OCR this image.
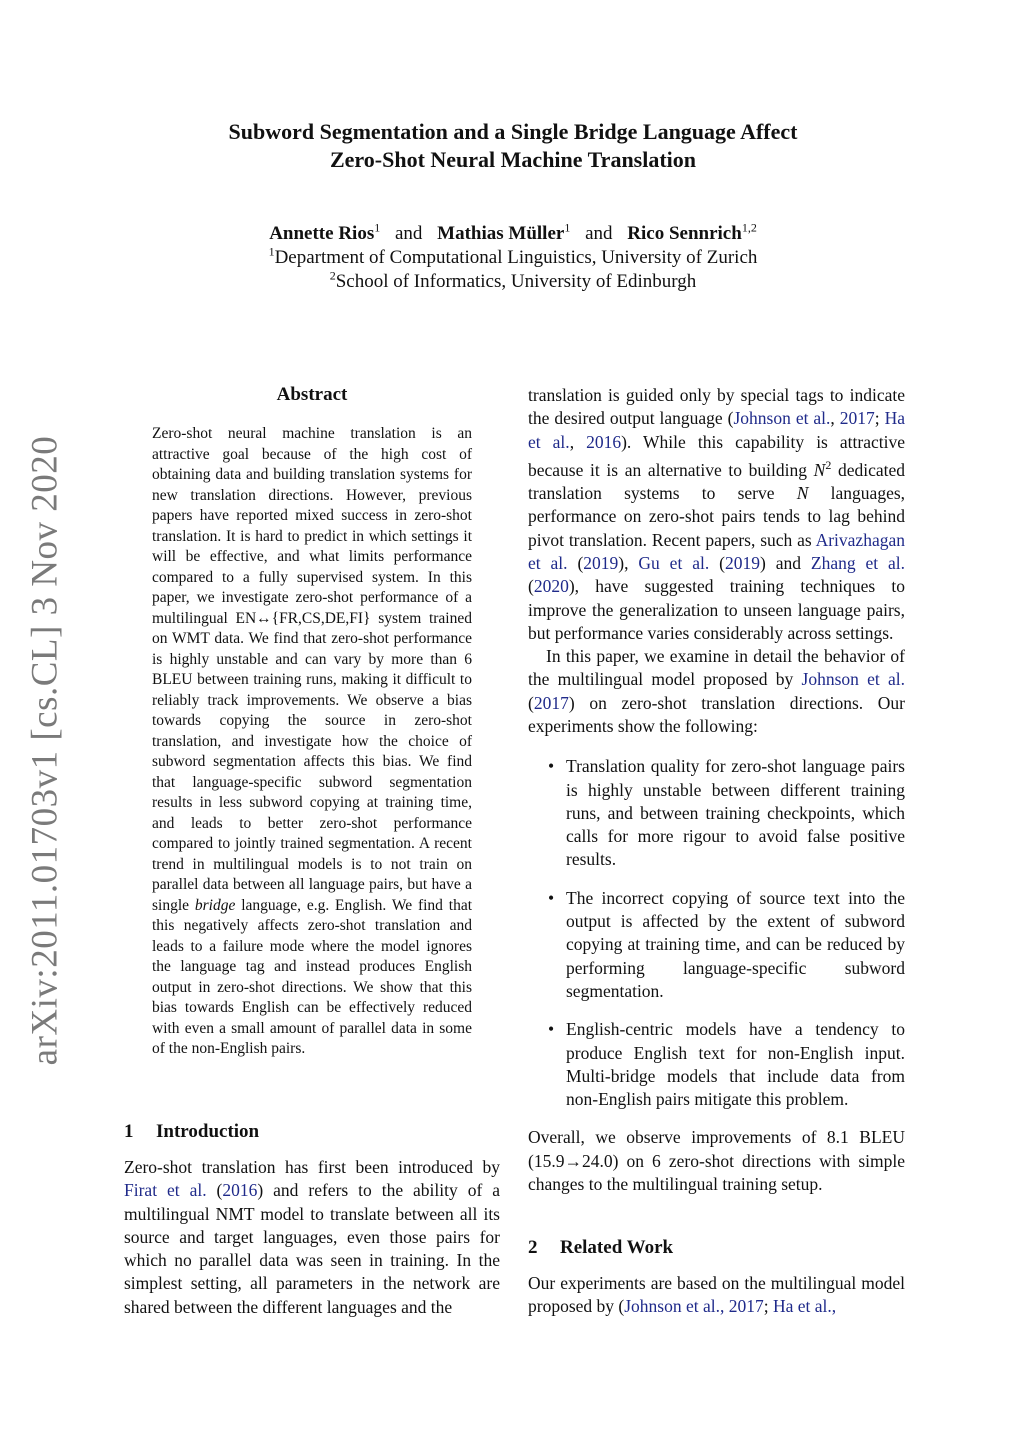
arXiv:2011.01703v1 [cs.CL] 3 Nov 2020
Subword Segmentation and a Single Bridge Language Affect
Zero-Shot Neural Machine Translation
Annette Rios$^1$ and Mathias Müller$^1$ and Rico Sennrich$^{1,2}$
$^1$Department of Computational Linguistics, University of Zurich
$^2$School of Informatics, University of Edinburgh
Abstract
Zero-shot neural machine translation is an attractive goal because of the high cost of obtaining data and building translation systems for new translation directions. However, previous papers have reported mixed success in zero-shot translation. It is hard to predict in which settings it will be effective, and what limits performance compared to a fully supervised system. In this paper, we investigate zero-shot performance of a multilingual EN↔{FR,CS,DE,FI} system trained on WMT data. We find that zero-shot performance is highly unstable and can vary by more than 6 BLEU between training runs, making it difficult to reliably track improvements. We observe a bias towards copying the source in zero-shot translation, and investigate how the choice of subword segmentation affects this bias. We find that language-specific subword segmentation results in less subword copying at training time, and leads to better zero-shot performance compared to jointly trained segmentation. A recent trend in multilingual models is to not train on parallel data between all language pairs, but have a single bridge language, e.g. English. We find that this negatively affects zero-shot translation and leads to a failure mode where the model ignores the language tag and instead produces English output in zero-shot directions. We show that this bias towards English can be effectively reduced with even a small amount of parallel data in some of the non-English pairs.
1 Introduction

Zero-shot translation has first been introduced by Firat et al. (2016) and refers to the ability of a multilingual NMT model to translate between all its source and target languages, even those pairs for which no parallel data was seen in training. In the simplest setting, all parameters in the network are shared between the different languages and the

translation is guided only by special tags to indicate the desired output language (Johnson et al., 2017; Ha et al., 2016). While this capability is attractive because it is an alternative to building $N^2$ dedicated translation systems to serve N languages, performance on zero-shot pairs tends to lag behind pivot translation. Recent papers, such as Arivazhagan et al. (2019), Gu et al. (2019) and Zhang et al. (2020), have suggested training techniques to improve the generalization to unseen language pairs, but performance varies considerably across settings.

In this paper, we examine in detail the behavior of the multilingual model proposed by Johnson et al. (2017) on zero-shot translation directions. Our experiments show the following:

• Translation quality for zero-shot language pairs is highly unstable between different training runs, and between training checkpoints, which calls for more rigour to avoid false positive results.
• The incorrect copying of source text into the output is affected by the extent of subword copying at training time, and can be reduced by performing language-specific subword segmentation.
• English-centric models have a tendency to produce English text for non-English input. Multi-bridge models that include data from non-English pairs mitigate this problem.

Overall, we observe improvements of 8.1 BLEU (15.9→24.0) on 6 zero-shot directions with simple changes to the multilingual training setup.

2 Related Work

Our experiments are based on the multilingual model proposed by (Johnson et al., 2017; Ha et al.,
